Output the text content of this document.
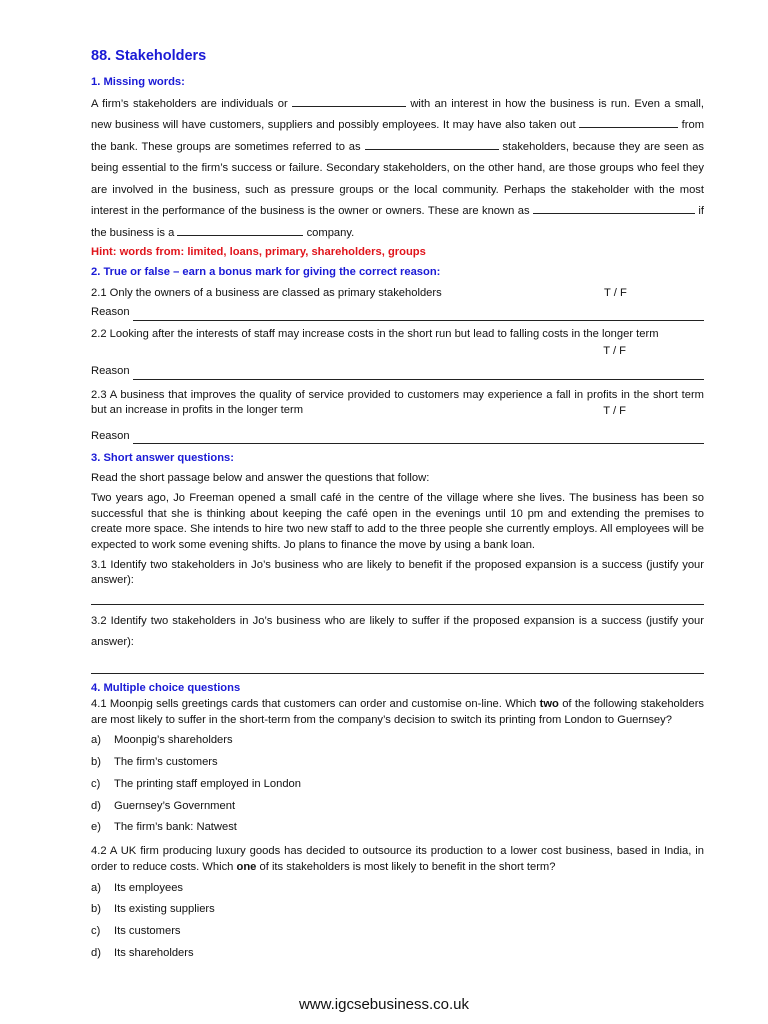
88. Stakeholders
1. Missing words:

A firm’s stakeholders are individuals or	with an interest in how the business is run. Even a small, new business will have customers, suppliers and possibly employees. It may have also taken out	from the bank. These groups are sometimes referred to as	stakeholders, because they are seen as being essential to the firm’s success or failure. Secondary stakeholders, on the other hand, are those groups who feel they are involved in the business, such as pressure groups or the local community. Perhaps the stakeholder with the most interest in the performance of the business is the owner or owners. These are known as	if the business is a	company.

Hint: words from: limited, loans, primary, shareholders, groups
2. True or false – earn a bonus mark for giving the correct reason:
2.1 Only the owners of a business are classed as primary stakeholders	T / F
Reason
2.2 Looking after the interests of staff may increase costs in the short run but lead to falling costs in the longer term
T / F
Reason
2.3 A business that improves the quality of service provided to customers may experience a fall in profits in the short term but an increase in profits in the longer term	T / F
Reason
3. Short answer questions:

Read the short passage below and answer the questions that follow:

Two years ago, Jo Freeman opened a small café in the centre of the village where she lives. The business has been so successful that she is thinking about keeping the café open in the evenings until 10 pm and extending the premises to create more space. She intends to hire two new staff to add to the three people she currently employs. All employees will be expected to work some evening shifts. Jo plans to finance the move by using a bank loan.

3.1 Identify two stakeholders in Jo’s business who are likely to benefit if the proposed expansion is a success (justify your answer):

3.2 Identify two stakeholders in Jo’s business who are likely to suffer if the proposed expansion is a success (justify your answer):

4. Multiple choice questions

4.1 Moonpig sells greetings cards that customers can order and customise on-line. Which two of the following stakeholders are most likely to suffer in the short-term from the company’s decision to switch its printing from London to Guernsey?

a)	Moonpig’s shareholders
b)	The firm’s customers
c)	The printing staff employed in London
d)	Guernsey’s Government
e)	The firm’s bank: Natwest

4.2 A UK firm producing luxury goods has decided to outsource its production to a lower cost business, based in India, in order to reduce costs. Which one of its stakeholders is most likely to benefit in the short term?

a)	Its employees
b)	Its existing suppliers
c)	Its customers
d)	Its shareholders
www.igcsebusiness.co.uk
